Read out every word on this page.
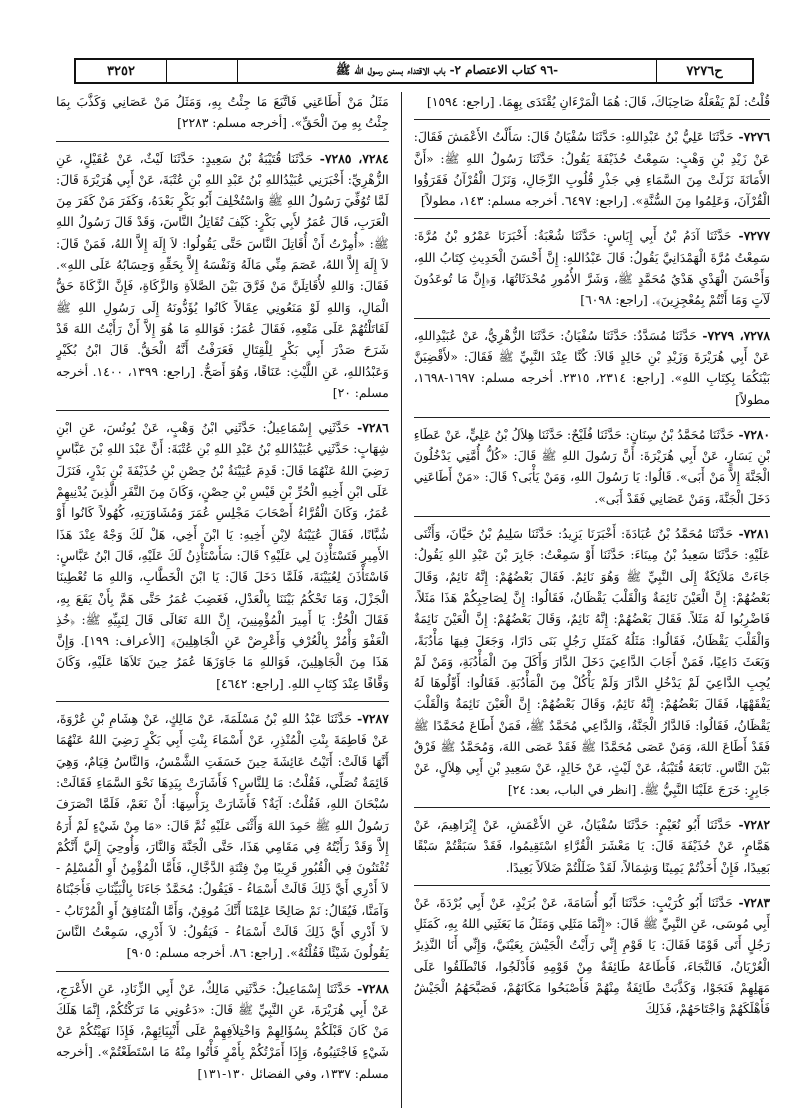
٣٢٥٢	-٩٦ كتاب الاعتصام ٢- باب الاقتداء بسنن رسول الله ﷺ	ح٧٢٧٦

مَثَلُ مَنْ أَطَاعَنِي فَاتَّبَعَ مَا جِئْتُ بِهِ، وَمَثَلُ مَنْ عَصَانِي وَكَذَّبَ بِمَا جِئْتُ بِهِ مِنَ الْحَقِّ». [أخرجه مسلم: ٢٢٨٣]

٧٢٨٤، ٧٢٨٥- حَدَّثَنَا قُتَيْبَةُ بْنُ سَعِيدٍ: حَدَّثَنَا لَيْثٌ، عَنْ عُقَيْلٍ، عَنِ الزُّهْرِيِّ: أَخْبَرَنِي عُبَيْدُاللهِ بْنُ عَبْدِ اللهِ بْنِ عُتْبَةَ، عَنْ أَبِي هُرَيْرَةَ قَالَ: لَمَّا تُوُفِّيَ رَسُولُ اللهِ ﷺ وَاسْتُخْلِفَ أَبُو بَكْرٍ بَعْدَهُ، وَكَفَرَ مَنْ كَفَرَ مِنَ الْعَرَبِ، قَالَ عُمَرُ لأَبِي بَكْرٍ: كَيْفَ تُقَاتِلُ النَّاسَ، وَقَدْ قَالَ رَسُولُ اللهِ ﷺ: «أُمِرْتُ أَنْ أُقَاتِلَ النَّاسَ حَتَّى يَقُولُوا: لاَ إِلَهَ إِلاَّ اللهُ، فَمَنْ قَالَ: لاَ إِلَهَ إِلاَّ اللهُ، عَصَمَ مِنِّي مَالَهُ وَنَفْسَهُ إِلاَّ بِحَقِّهِ وَحِسَابُهُ عَلَى اللهِ». فَقَالَ: وَاللهِ لأُقَاتِلَنَّ مَنْ فَرَّقَ بَيْنَ الصَّلاَةِ وَالزَّكَاةِ، فَإِنَّ الزَّكَاةَ حَقُّ الْمَالِ، وَاللهِ لَوْ مَنَعُونِي عِقَالاً كَانُوا يُؤَدُّونَهُ إِلَى رَسُولِ اللهِ ﷺ لَقَاتَلْتُهُمْ عَلَى مَنْعِهِ، فَقَالَ عُمَرُ: فَوَاللهِ مَا هُوَ إِلاَّ أَنْ رَأَيْتُ اللهَ قَدْ شَرَحَ صَدْرَ أَبِي بَكْرٍ لِلْقِتَالِ فَعَرَفْتُ أَنَّهُ الْحَقُّ. قَالَ ابْنُ بُكَيْرٍ وَعَبْدُاللهِ، عَنِ اللَّيْثِ: عَنَاقًا، وَهُوَ أَصَحُّ. [راجع: ١٣٩٩، ١٤٠٠. أخرجه مسلم: ٢٠]

٧٢٨٦- حَدَّثَنِي إِسْمَاعِيلُ: حَدَّثَنِي ابْنُ وَهْبٍ، عَنْ يُونُسَ، عَنِ ابْنِ شِهَابٍ: حَدَّثَنِي عُبَيْدُاللهِ بْنُ عَبْدِ اللهِ بْنِ عُتْبَةَ: أَنَّ عَبْدَ اللهِ بْنَ عَبَّاسٍ رَضِيَ اللهُ عَنْهُمَا قَالَ: قَدِمَ عُيَيْنَةُ بْنُ حِصْنِ بْنِ حُذَيْفَةَ بْنِ بَدْرٍ، فَنَزَلَ عَلَى ابْنِ أَخِيهِ الْحُرِّ بْنِ قَيْسِ بْنِ حِصْنٍ، وَكَانَ مِنَ النَّفَرِ الَّذِينَ يُدْنِيهِمْ عُمَرُ، وَكَانَ الْقُرَّاءُ أَصْحَابَ مَجْلِسِ عُمَرَ وَمُشَاوَرَتِهِ، كُهُولاً كَانُوا أَوْ شُبَّانًا، فَقَالَ عُيَيْنَةُ لاِبْنِ أَخِيهِ: يَا ابْنَ أَخِي، هَلْ لَكَ وَجْهٌ عِنْدَ هَذَا الأَمِيرِ فَتَسْتَأْذِنَ لِي عَلَيْهِ؟ قَالَ: سَأَسْتَأْذِنُ لَكَ عَلَيْهِ، قَالَ ابْنُ عَبَّاسٍ: فَاسْتَأْذَنَ لِعُيَيْنَةَ، فَلَمَّا دَخَلَ قَالَ: يَا ابْنَ الْخَطَّابِ، وَاللهِ مَا تُعْطِينَا الْجَزْلَ، وَمَا تَحْكُمُ بَيْنَنَا بِالْعَدْلِ، فَغَضِبَ عُمَرُ حَتَّى هَمَّ بِأَنْ يَقَعَ بِهِ، فَقَالَ الْحُرُّ: يَا أَمِيرَ الْمُؤْمِنِينَ، إِنَّ اللهَ تَعَالَى قَالَ لِنَبِيِّهِ ﷺ: ﴿خُذِ الْعَفْوَ وَأْمُرْ بِالْعُرْفِ وَأَعْرِضْ عَنِ الْجَاهِلِينَ﴾ [الأعراف: ١٩٩]. وَإِنَّ هَذَا مِنَ الْجَاهِلِينَ، فَوَاللهِ مَا جَاوَزَهَا عُمَرُ حِينَ تَلاَهَا عَلَيْهِ، وَكَانَ وَقَّافًا عِنْدَ كِتَابِ اللهِ. [راجع: ٤٦٤٢]

٧٢٨٧- حَدَّثَنَا عَبْدُ اللهِ بْنُ مَسْلَمَةَ، عَنْ مَالِكٍ، عَنْ هِشَامِ بْنِ عُرْوَةَ، عَنْ فَاطِمَةَ بِنْتِ الْمُنْذِرِ، عَنْ أَسْمَاءَ بِنْتِ أَبِي بَكْرٍ رَضِيَ اللهُ عَنْهُمَا أَنَّهَا قَالَتْ: أَتَيْتُ عَائِشَةَ حِينَ خَسَفَتِ الشَّمْسُ، وَالنَّاسُ قِيَامٌ، وَهِيَ قَائِمَةٌ تُصَلِّي، فَقُلْتُ: مَا لِلنَّاسِ؟ فَأَشَارَتْ بِيَدِهَا نَحْوَ السَّمَاءِ فَقَالَتْ: سُبْحَانَ اللهِ، فَقُلْتُ: آيَةٌ؟ فَأَشَارَتْ بِرَأْسِهَا: أَنْ نَعَمْ، فَلَمَّا انْصَرَفَ رَسُولُ اللهِ ﷺ حَمِدَ اللهَ وَأَثْنَى عَلَيْهِ ثُمَّ قَالَ: «مَا مِنْ شَيْءٍ لَمْ أَرَهُ إِلاَّ وَقَدْ رَأَيْتُهُ فِي مَقَامِي هَذَا، حَتَّى الْجَنَّةَ وَالنَّارَ، وَأُوحِيَ إِلَيَّ أَنَّكُمْ تُفْتَنُونَ فِي الْقُبُورِ قَرِيبًا مِنْ فِتْنَةِ الدَّجَّالِ، فَأَمَّا الْمُؤْمِنُ أَوِ الْمُسْلِمُ - لاَ أَدْرِي أَيَّ ذَلِكَ قَالَتْ أَسْمَاءُ - فَيَقُولُ: مُحَمَّدٌ جَاءَنَا بِالْبَيِّنَاتِ فَأَجَبْنَاهُ وَآمَنَّا، فَيُقَالُ: نَمْ صَالِحًا عَلِمْنَا أَنَّكَ مُوقِنٌ، وَأَمَّا الْمُنَافِقُ أَوِ الْمُرْتَابُ - لاَ أَدْرِي أَيَّ ذَلِكَ قَالَتْ أَسْمَاءُ - فَيَقُولُ: لاَ أَدْرِي، سَمِعْتُ النَّاسَ يَقُولُونَ شَيْئًا فَقُلْتُهُ». [راجع: ٨٦. أخرجه مسلم: ٩٠٥]

٧٢٨٨- حَدَّثَنَا إِسْمَاعِيلُ: حَدَّثَنِي مَالِكٌ، عَنْ أَبِي الزِّنَادِ، عَنِ الأَعْرَجِ، عَنْ أَبِي هُرَيْرَةَ، عَنِ النَّبِيِّ ﷺ قَالَ: «دَعُونِي مَا تَرَكْتُكُمْ، إِنَّمَا هَلَكَ مَنْ كَانَ قَبْلَكُمْ بِسُؤَالِهِمْ وَاخْتِلاَفِهِمْ عَلَى أَنْبِيَائِهِمْ، فَإِذَا نَهَيْتُكُمْ عَنْ شَيْءٍ فَاجْتَنِبُوهُ، وَإِذَا أَمَرْتُكُمْ بِأَمْرٍ فَأْتُوا مِنْهُ مَا اسْتَطَعْتُمْ». [أخرجه مسلم: ١٣٣٧، وفي الفضائل ١٣٠-١٣١]

قُلْتُ: لَمْ يَفْعَلْهُ صَاحِبَاكَ، قَالَ: هُمَا الْمَرْءَانِ يُقْتَدَى بِهِمَا. [راجع: ١٥٩٤]

٧٢٧٦- حَدَّثَنَا عَلِيُّ بْنُ عَبْدِاللهِ: حَدَّثَنَا سُفْيَانُ قَالَ: سَأَلْتُ الأَعْمَشَ فَقَالَ: عَنْ زَيْدِ بْنِ وَهْبٍ: سَمِعْتُ حُذَيْفَةَ يَقُولُ: حَدَّثَنَا رَسُولُ اللهِ ﷺ: «أَنَّ الأَمَانَةَ نَزَلَتْ مِنَ السَّمَاءِ فِي جَذْرِ قُلُوبِ الرِّجَالِ، وَنَزَلَ الْقُرْآنُ فَقَرَؤُوا الْقُرْآنَ، وَعَلِمُوا مِنَ السُّنَّةِ». [راجع: ٦٤٩٧. أخرجه مسلم: ١٤٣، مطولاً]

٧٢٧٧- حَدَّثَنَا آدَمُ بْنُ أَبِي إِيَاسٍ: حَدَّثَنَا شُعْبَةُ: أَخْبَرَنَا عَمْرُو بْنُ مُرَّةَ: سَمِعْتُ مُرَّةَ الْهَمْدَانِيَّ يَقُولُ: قَالَ عَبْدُاللهِ: إِنَّ أَحْسَنَ الْحَدِيثِ كِتَابُ اللهِ، وَأَحْسَنَ الْهَدْيِ هَدْيُ مُحَمَّدٍ ﷺ، وَشَرَّ الأُمُورِ مُحْدَثَاتُهَا، وَ﴿إِنَّ مَا تُوعَدُونَ لَآتٍ وَمَا أَنْتُمْ بِمُعْجِزِينَ﴾. [راجع: ٦٠٩٨]

٧٢٧٨، ٧٢٧٩- حَدَّثَنَا مُسَدَّدٌ: حَدَّثَنَا سُفْيَانُ: حَدَّثَنَا الزُّهْرِيُّ، عَنْ عُبَيْدِاللهِ، عَنْ أَبِي هُرَيْرَةَ وَزَيْدِ بْنِ خَالِدٍ قَالاَ: كُنَّا عِنْدَ النَّبِيِّ ﷺ فَقَالَ: «لأَقْضِيَنَّ بَيْنَكُمَا بِكِتَابِ اللهِ». [راجع: ٢٣١٤، ٢٣١٥. أخرجه مسلم: ١٦٩٧-١٦٩٨، مطولاً]

٧٢٨٠- حَدَّثَنَا مُحَمَّدُ بْنُ سِنَانٍ: حَدَّثَنَا فُلَيْحٌ: حَدَّثَنَا هِلاَلُ بْنُ عَلِيٍّ، عَنْ عَطَاءِ بْنِ يَسَارٍ، عَنْ أَبِي هُرَيْرَةَ: أَنَّ رَسُولَ اللهِ ﷺ قَالَ: «كُلُّ أُمَّتِي يَدْخُلُونَ الْجَنَّةَ إِلاَّ مَنْ أَبَى». قَالُوا: يَا رَسُولَ اللهِ، وَمَنْ يَأْبَى؟ قَالَ: «مَنْ أَطَاعَنِي دَخَلَ الْجَنَّةَ، وَمَنْ عَصَانِي فَقَدْ أَبَى».

٧٢٨١- حَدَّثَنَا مُحَمَّدُ بْنُ عُبَادَةَ: أَخْبَرَنَا يَزِيدُ: حَدَّثَنَا سَلِيمُ بْنُ حَيَّانَ، وَأَثْنَى عَلَيْهِ: حَدَّثَنَا سَعِيدُ بْنُ مِينَاءَ: حَدَّثَنَا أَوْ سَمِعْتُ: جَابِرَ بْنَ عَبْدِ اللهِ يَقُولُ: جَاءَتْ مَلاَئِكَةٌ إِلَى النَّبِيِّ ﷺ وَهُوَ نَائِمٌ. فَقَالَ بَعْضُهُمْ: إِنَّهُ نَائِمٌ، وَقَالَ بَعْضُهُمْ: إِنَّ الْعَيْنَ نَائِمَةٌ وَالْقَلْبَ يَقْظَانُ، فَقَالُوا: إِنَّ لِصَاحِبِكُمْ هَذَا مَثَلاً، فَاضْرِبُوا لَهُ مَثَلاً. فَقَالَ بَعْضُهُمْ: إِنَّهُ نَائِمٌ، وَقَالَ بَعْضُهُمْ: إِنَّ الْعَيْنَ نَائِمَةٌ وَالْقَلْبَ يَقْظَانُ، فَقَالُوا: مَثَلُهُ كَمَثَلِ رَجُلٍ بَنَى دَارًا، وَجَعَلَ فِيهَا مَأْدُبَةً، وَبَعَثَ دَاعِيًا، فَمَنْ أَجَابَ الدَّاعِيَ دَخَلَ الدَّارَ وَأَكَلَ مِنَ الْمَأْدُبَةِ، وَمَنْ لَمْ يُجِبِ الدَّاعِيَ لَمْ يَدْخُلِ الدَّارَ وَلَمْ يَأْكُلْ مِنَ الْمَأْدُبَةِ. فَقَالُوا: أَوِّلُوهَا لَهُ يَفْقَهْهَا، فَقَالَ بَعْضُهُمْ: إِنَّهُ نَائِمٌ، وَقَالَ بَعْضُهُمْ: إِنَّ الْعَيْنَ نَائِمَةٌ وَالْقَلْبَ يَقْظَانُ، فَقَالُوا: فَالدَّارُ الْجَنَّةُ، وَالدَّاعِي مُحَمَّدٌ ﷺ، فَمَنْ أَطَاعَ مُحَمَّدًا ﷺ فَقَدْ أَطَاعَ اللهَ، وَمَنْ عَصَى مُحَمَّدًا ﷺ فَقَدْ عَصَى اللهَ، وَمُحَمَّدٌ ﷺ فَرْقٌ بَيْنَ النَّاسِ. تَابَعَهُ قُتَيْبَةُ، عَنْ لَيْثٍ، عَنْ خَالِدٍ، عَنْ سَعِيدِ بْنِ أَبِي هِلاَلٍ، عَنْ جَابِرٍ: خَرَجَ عَلَيْنَا النَّبِيُّ ﷺ. [انظر في الباب، بعد: ٢٤]

٧٢٨٢- حَدَّثَنَا أَبُو نُعَيْمٍ: حَدَّثَنَا سُفْيَانُ، عَنِ الأَعْمَشِ، عَنْ إِبْرَاهِيمَ، عَنْ هَمَّامٍ، عَنْ حُذَيْفَةَ قَالَ: يَا مَعْشَرَ الْقُرَّاءِ اسْتَقِيمُوا، فَقَدْ سَبَقْتُمْ سَبْقًا بَعِيدًا، فَإِنْ أَخَذْتُمْ يَمِينًا وَشِمَالاً، لَقَدْ ضَلَلْتُمْ ضَلاَلاً بَعِيدًا.

٧٢٨٣- حَدَّثَنَا أَبُو كُرَيْبٍ: حَدَّثَنَا أَبُو أُسَامَةَ، عَنْ بُرَيْدٍ، عَنْ أَبِي بُرْدَةَ، عَنْ أَبِي مُوسَى، عَنِ النَّبِيِّ ﷺ قَالَ: «إِنَّمَا مَثَلِي وَمَثَلُ مَا بَعَثَنِي اللهُ بِهِ، كَمَثَلِ رَجُلٍ أَتَى قَوْمًا فَقَالَ: يَا قَوْمِ إِنِّي رَأَيْتُ الْجَيْشَ بِعَيْنَيَّ، وَإِنِّي أَنَا النَّذِيرُ الْعُرْيَانُ، فَالنَّجَاءَ، فَأَطَاعَهُ طَائِفَةٌ مِنْ قَوْمِهِ فَأَدْلَجُوا، فَانْطَلَقُوا عَلَى مَهَلِهِمْ فَنَجَوْا، وَكَذَّبَتْ طَائِفَةٌ مِنْهُمْ فَأَصْبَحُوا مَكَانَهُمْ، فَصَبَّحَهُمُ الْجَيْشُ فَأَهْلَكَهُمْ وَاجْتَاحَهُمْ، فَذَلِكَ
